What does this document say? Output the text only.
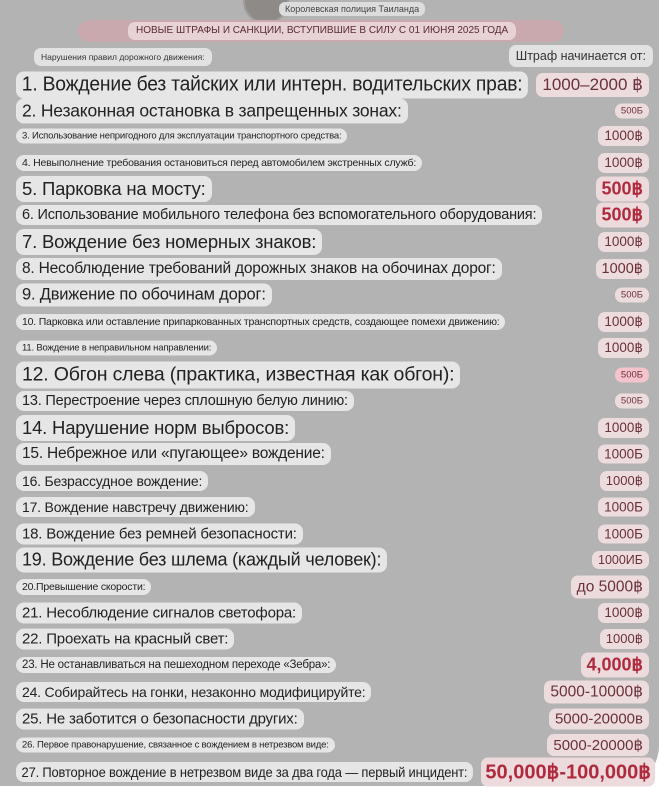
Королевская полиция Таиланда
НОВЫЕ ШТРАФЫ И САНКЦИИ, ВСТУПИВШИЕ В СИЛУ С 01 ИЮНЯ 2025 ГОДА
Нарушения правил дорожного движения:	Штраф начинается от:
1. Вождение без тайских или интерн. водительских прав:	1000–2000 ฿
2. Незаконная остановка в запрещенных зонах:	500Б
3. Использование непригодного для эксплуатации транспортного средства:	1000฿
4. Невыполнение требования остановиться перед автомобилем экстренных служб:	1000฿
5. Парковка на мосту:	500฿
6. Использование мобильного телефона без вспомогательного оборудования:	500฿
7. Вождение без номерных знаков:	1000฿
8. Несоблюдение требований дорожных знаков на обочинах дорог:	1000฿
9. Движение по обочинам дорог:	500Б
10. Парковка или оставление припаркованных транспортных средств, создающее помехи движению:	1000฿
11. Вождение в неправильном направлении:	1000฿
12. Обгон слева (практика, известная как обгон):	500Б
13. Перестроение через сплошную белую линию:	500Б
14. Нарушение норм выбросов:	1000฿
15. Небрежное или «пугающее» вождение:	1000Б
16. Безрассудное вождение:	1000฿
17. Вождение навстречу движению:	1000Б
18. Вождение без ремней безопасности:	1000Б
19. Вождение без шлема (каждый человек):	1000ИБ
20.Превышение скорости:	до 5000฿
21. Несоблюдение сигналов светофора:	1000฿
22. Проехать на красный свет:	1000฿
23. Не останавливаться на пешеходном переходе «Зебра»:	4,000฿
24. Собирайтесь на гонки, незаконно модифицируйте:	5000-10000฿
25. Не заботится о безопасности других:	5000-20000в
26. Первое правонарушение, связанное с вождением в нетрезвом виде:	5000-20000฿
27. Повторное вождение в нетрезвом виде за два года — первый инцидент: 50,000฿-100,000฿
